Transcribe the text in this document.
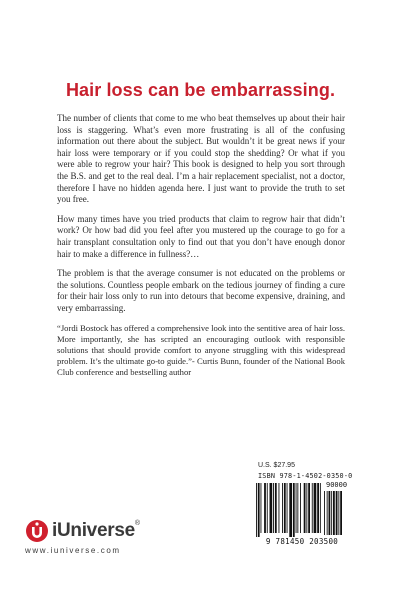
Hair loss can be embarrassing.

The number of clients that come to me who beat themselves up about their hair loss is staggering. What’s even more frustrating is all of the confusing information out there about the subject. But wouldn’t it be great news if your hair loss were temporary or if you could stop the shedding? Or what if you were able to regrow your hair? This book is designed to help you sort through the B.S. and get to the real deal. I’m a hair replacement specialist, not a doctor, therefore I have no hidden agenda here. I just want to provide the truth to set you free.

How many times have you tried products that claim to regrow hair that didn’t work? Or how bad did you feel after you mustered up the courage to go for a hair transplant consultation only to find out that you don’t have enough donor hair to make a difference in fullness?…

The problem is that the average consumer is not educated on the problems or the solutions. Countless people embark on the tedious journey of finding a cure for their hair loss only to run into detours that become expensive, draining, and very embarrassing.

“Jordi Bostock has offered a comprehensive look into the sentitive area of hair loss. More importantly, she has scripted an encouraging outlook with responsible solutions that should provide comfort to anyone struggling with this widespread problem. It’s the ultimate go-to guide.”- Curtis Bunn, founder of the National Book Club conference and bestselling author

U.S. $27.95
ISBN 978-1-4502-0350-0
90000
9 781450 203500
iUniverse®
www.iuniverse.com
